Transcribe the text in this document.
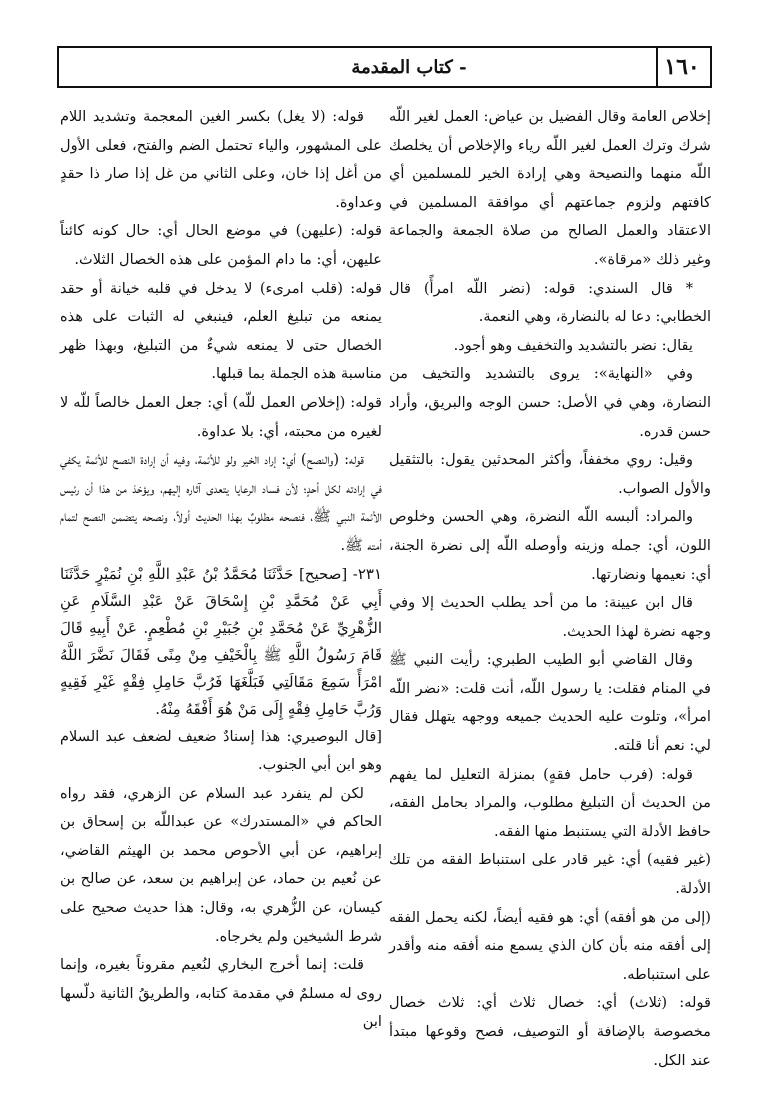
- كتاب المقدمة	١٦٠

إخلاص العامة وقال الفضيل بن عياض: العمل لغير اللّه شرك وترك العمل لغير اللّه رياء والإخلاص أن يخلصك اللّه منهما والنصيحة وهي إرادة الخير للمسلمين أي كافتهم ولزوم جماعتهم أي موافقة المسلمين في الاعتقاد والعمل الصالح من صلاة الجمعة والجماعة وغير ذلك «مرقاة».

* قال السندي: قوله: (نضر اللّه امرأً) قال الخطابي: دعا له بالنضارة، وهي النعمة.

يقال: نضر بالتشديد والتخفيف وهو أجود.

وفي «النهاية»: يروى بالتشديد والتخيف من النضارة، وهي في الأصل: حسن الوجه والبريق، وأراد حسن قدره.

وقيل: روي مخففاً، وأكثر المحدثين يقول: بالتثقيل والأول الصواب.

والمراد: ألبسه اللّه النضرة، وهي الحسن وخلوص اللون، أي: جمله وزينه وأوصله اللّه إلى نضرة الجنة، أي: نعيمها ونضارتها.

قال ابن عيينة: ما من أحد يطلب الحديث إلا وفي وجهه نضرة لهذا الحديث.

وقال القاضي أبو الطيب الطبري: رأيت النبي ﷺ في المنام فقلت: يا رسول اللّه، أنت قلت: «نضر اللّه امرأ»، وتلوت عليه الحديث جميعه ووجهه يتهلل فقال لي: نعم أنا قلته.

قوله: (فرب حامل فقهٍ) بمنزلة التعليل لما يفهم من الحديث أن التبليغ مطلوب، والمراد بحامل الفقه، حافظ الأدلة التي يستنبط منها الفقه.

(غير فقيه) أي: غير قادر على استنباط الفقه من تلك الأدلة.

(إلى من هو أفقه) أي: هو فقيه أيضاً، لكنه يحمل الفقه إلى أفقه منه بأن كان الذي يسمع منه أفقه منه وأقدر على استنباطه.

قوله: (ثلاث) أي: خصال ثلاث أي: ثلاث خصال مخصوصة بالإضافة أو التوصيف، فصح وقوعها مبتدأ عند الكل.

قوله: (لا يغل) بكسر الغين المعجمة وتشديد اللام على المشهور، والياء تحتمل الضم والفتح، فعلى الأول من أغل إذا خان، وعلى الثاني من غل إذا صار ذا حقدٍ وعداوة.

قوله: (عليهن) في موضع الحال أي: حال كونه كائناً عليهن، أي: ما دام المؤمن على هذه الخصال الثلاث.

قوله: (قلب امرىء) لا يدخل في قلبه خيانة أو حقد يمنعه من تبليغ العلم، فينبغي له الثبات على هذه الخصال حتى لا يمنعه شيءٌ من التبليغ، وبهذا ظهر مناسبة هذه الجملة بما قبلها.

قوله: (إخلاص العمل للّه) أي: جعل العمل خالصاً للّه لا لغيره من محبته، أي: بلا عداوة.

قوله: (والنصح) أي: إراد الخير ولو للأئمة، وفيه أن إرادة النصح للأئمة يكفي في إرادته لكل أحدٍ؛ لأن فساد الرعايا يتعدى آثاره إليهم، ويؤخذ من هذا أن رئيس الأئمة النبي ﷺ، فنصحه مطلوبٌ بهذا الحديث أولاً، ونصحه يتضمن النصح لتمام أمته ﷺ.

٢٣١- [صحيح] حَدَّثَنَا مُحَمَّدُ بْنُ عَبْدِ اللَّهِ بْنِ نُمَيْرٍ حَدَّثَنَا أَبِي عَنْ مُحَمَّدِ بْنِ إِسْحَاقَ عَنْ عَبْدِ السَّلَامِ عَنِ الزُّهْرِيِّ عَنْ مُحَمَّدِ بْنِ جُبَيْرِ بْنِ مُطْعِمٍ. عَنْ أَبِيهِ قَالَ قَامَ رَسُولُ اللَّهِ ﷺ بِالْخَيْفِ مِنْ مِنًى فَقَالَ نَضَّرَ اللَّهُ امْرَأً سَمِعَ مَقَالَتِي فَبَلَّغَهَا فَرُبَّ حَامِلِ فِقْهٍ غَيْرِ فَقِيهٍ وَرُبَّ حَامِلِ فِقْهٍ إِلَى مَنْ هُوَ أَفْقَهُ مِنْهُ.

[قال البوصيري: هذا إسنادٌ ضعيف لضعف عبد السلام وهو ابن أبي الجنوب.

لكن لم ينفرد عبد السلام عن الزهري، فقد رواه الحاكم في «المستدرك» عن عبداللّه بن إسحاق بن إبراهيم، عن أبي الأحوص محمد بن الهيثم القاضي، عن نُعيم بن حماد، عن إبراهيم بن سعد، عن صالح بن كيسان، عن الزُّهري به، وقال: هذا حديث صحيح على شرط الشيخين ولم يخرجاه.

قلت: إنما أخرج البخاري لنُعيم مقروناً بغيره، وإنما روى له مسلمٌ في مقدمة كتابه، والطريقُ الثانية دلّسها ابن
